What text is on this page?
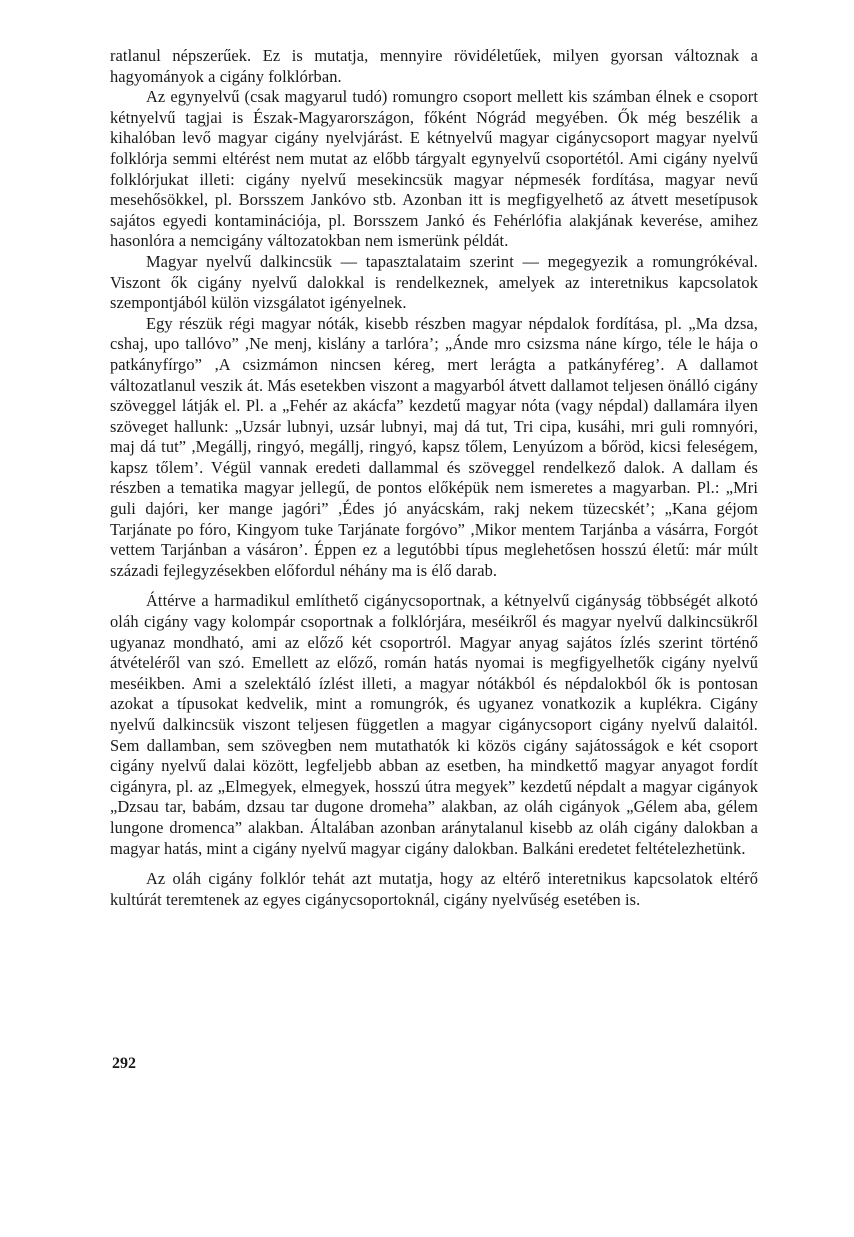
ratlanul népszerűek. Ez is mutatja, mennyire rövidéletűek, milyen gyorsan változnak a hagyományok a cigány folklórban.

Az egynyelvű (csak magyarul tudó) romungro csoport mellett kis számban élnek e csoport kétnyelvű tagjai is Észak-Magyarországon, főként Nógrád megyében. Ők még beszélik a kihalóban levő magyar cigány nyelvjárást. E kétnyelvű magyar cigánycsoport magyar nyelvű folklórja semmi eltérést nem mutat az előbb tárgyalt egynyelvű csoportétól. Ami cigány nyelvű folklórjukat illeti: cigány nyelvű mesekincsük magyar népmesék fordítása, magyar nevű mesehősökkel, pl. Borsszem Jankóvo stb. Azonban itt is megfigyelhető az átvett mesetípusok sajátos egyedi kontaminációja, pl. Borsszem Jankó és Fehérlófia alakjának keverése, amihez hasonlóra a nemcigány változatokban nem ismerünk példát.

Magyar nyelvű dalkincsük — tapasztalataim szerint — megegyezik a romungrókéval. Viszont ők cigány nyelvű dalokkal is rendelkeznek, amelyek az interetnikus kapcsolatok szempontjából külön vizsgálatot igényelnek.

Egy részük régi magyar nóták, kisebb részben magyar népdalok fordítása, pl. „Ma dzsa, cshaj, upo tallóvo” ,Ne menj, kislány a tarlóra’; „Ánde mro csizsma náne kírgo, téle le hája o patkányfírgo” ,A csizmámon nincsen kéreg, mert lerágta a patkányféreg’. A dallamot változatlanul veszik át. Más esetekben viszont a magyarból átvett dallamot teljesen önálló cigány szöveggel látják el. Pl. a „Fehér az akácfa” kezdetű magyar nóta (vagy népdal) dallamára ilyen szöveget hallunk: „Uzsár lubnyi, uzsár lubnyi, maj dá tut, Tri cipa, kusáhi, mri guli romnyóri, maj dá tut” ,Megállj, ringyó, megállj, ringyó, kapsz tőlem, Lenyúzom a bőröd, kicsi feleségem, kapsz tőlem’. Végül vannak eredeti dallammal és szöveggel rendelkező dalok. A dallam és részben a tematika magyar jellegű, de pontos előképük nem ismeretes a magyarban. Pl.: „Mri guli dajóri, ker mange jagóri” ,Édes jó anyácskám, rakj nekem tüzecskét’; „Kana géjom Tarjánate po fóro, Kingyom tuke Tarjánate forgóvo” ,Mikor mentem Tarjánba a vásárra, Forgót vettem Tarjánban a vásáron’. Éppen ez a legutóbbi típus meglehetősen hosszú életű: már múlt századi fejlegyzésekben előfordul néhány ma is élő darab.

Áttérve a harmadikul említhető cigánycsoportnak, a kétnyelvű cigányság többségét alkotó oláh cigány vagy kolompár csoportnak a folklórjára, meséikről és magyar nyelvű dalkincsükről ugyanaz mondható, ami az előző két csoportról. Magyar anyag sajátos ízlés szerint történő átvételéről van szó. Emellett az előző, román hatás nyomai is megfigyelhetők cigány nyelvű meséikben. Ami a szelektáló ízlést illeti, a magyar nótákból és népdalokból ők is pontosan azokat a típusokat kedvelik, mint a romungrók, és ugyanez vonatkozik a kuplékra. Cigány nyelvű dalkincsük viszont teljesen független a magyar cigánycsoport cigány nyelvű dalaitól. Sem dallamban, sem szövegben nem mutathatók ki közös cigány sajátosságok e két csoport cigány nyelvű dalai között, legfeljebb abban az esetben, ha mindkettő magyar anyagot fordít cigányra, pl. az „Elmegyek, elmegyek, hosszú útra megyek” kezdetű népdalt a magyar cigányok „Dzsau tar, babám, dzsau tar dugone dromeha” alakban, az oláh cigányok „Gélem aba, gélem lungone dromenca” alakban. Általában azonban aránytalanul kisebb az oláh cigány dalokban a magyar hatás, mint a cigány nyelvű magyar cigány dalokban. Balkáni eredetet feltételezhetünk.

Az oláh cigány folklór tehát azt mutatja, hogy az eltérő interetnikus kapcsolatok eltérő kultúrát teremtenek az egyes cigánycsoportoknál, cigány nyelvűség esetében is.

292
